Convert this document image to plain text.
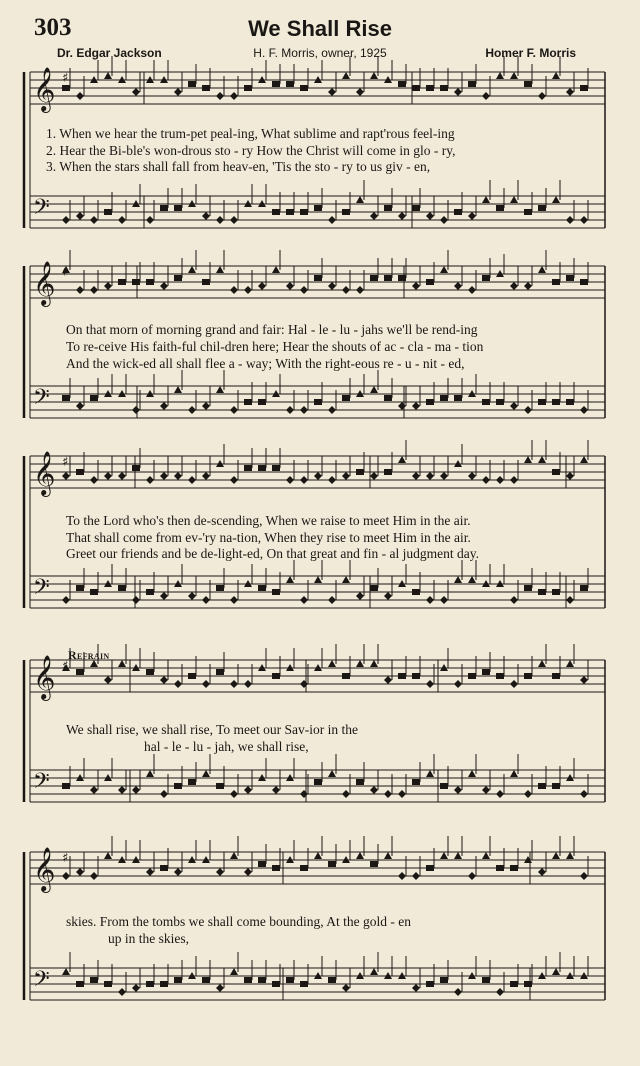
303	We Shall Rise
Dr. Edgar Jackson	H. F. Morris, owner, 1925	Homer F. Morris
𝄞
𝄢
𝄞
𝄢
𝄞
𝄢
𝄞
𝄢
𝄞
𝄢
♯
♯
♯
♯
♯
1. When we hear the trum-pet peal-ing, What sublime and rapt'rous feel-ing
2. Hear the Bi-ble's won-drous sto - ry How the Christ will come in glo - ry,
3. When the stars shall fall from heav-en, 'Tis the sto - ry to us giv - en,
On that morn of morning grand and fair: Hal - le - lu - jahs we'll be rend-ing
To re-ceive His faith-ful chil-dren here; Hear the shouts of ac - cla - ma - tion
And the wick-ed all shall flee a - way; With the right-eous re - u - nit - ed,
To the Lord who's then de-scending, When we raise to meet Him in the air.
That shall come from ev-'ry na-tion, When they rise to meet Him in the air.
Greet our friends and be de-light-ed, On that great and fin - al judgment day.
Refrain
We shall rise, we shall rise, To meet our Sav-ior in the
hal - le - lu - jah, we shall rise,
skies. From the tombs we shall come bounding, At the gold - en
up in the skies,
